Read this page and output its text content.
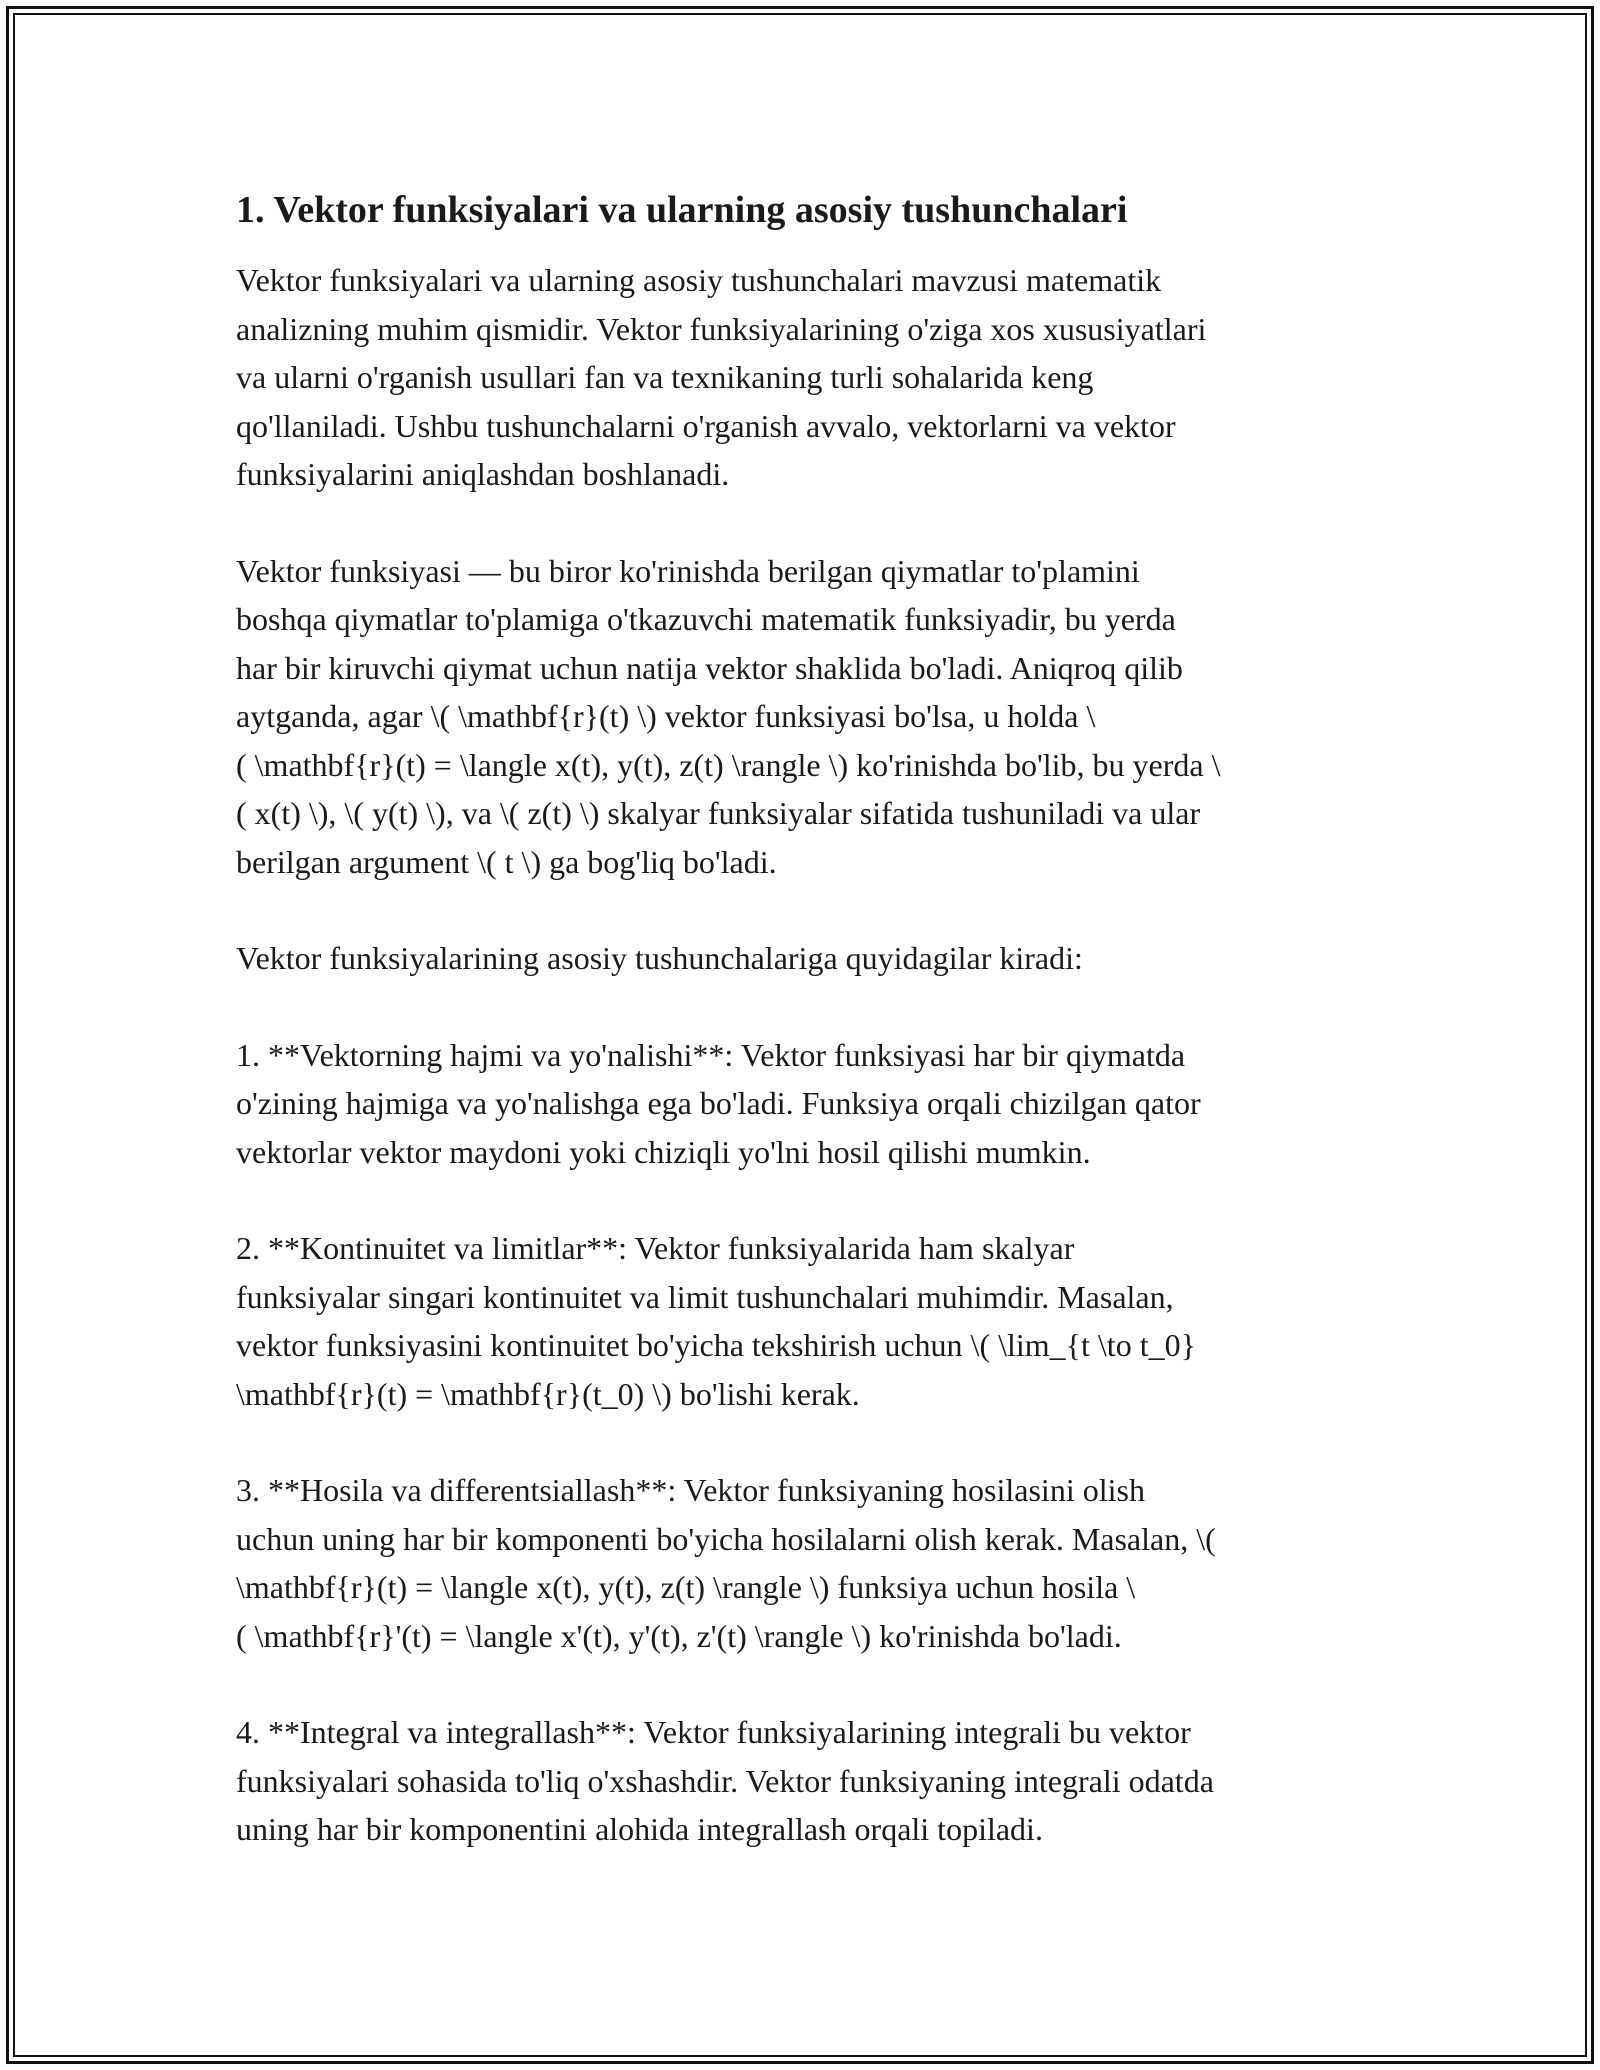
1. Vektor funksiyalari va ularning asosiy tushunchalari

Vektor funksiyalari va ularning asosiy tushunchalari mavzusi matematik
analizning muhim qismidir. Vektor funksiyalarining o'ziga xos xususiyatlari
va ularni o'rganish usullari fan va texnikaning turli sohalarida keng
qo'llaniladi. Ushbu tushunchalarni o'rganish avvalo, vektorlarni va vektor
funksiyalarini aniqlashdan boshlanadi.

Vektor funksiyasi — bu biror ko'rinishda berilgan qiymatlar to'plamini
boshqa qiymatlar to'plamiga o'tkazuvchi matematik funksiyadir, bu yerda
har bir kiruvchi qiymat uchun natija vektor shaklida bo'ladi. Aniqroq qilib
aytganda, agar \( \mathbf{r}(t) \) vektor funksiyasi bo'lsa, u holda \
( \mathbf{r}(t) = \langle x(t), y(t), z(t) \rangle \) ko'rinishda bo'lib, bu yerda \
( x(t) \), \( y(t) \), va \( z(t) \) skalyar funksiyalar sifatida tushuniladi va ular
berilgan argument \( t \) ga bog'liq bo'ladi.

Vektor funksiyalarining asosiy tushunchalariga quyidagilar kiradi:

1. **Vektorning hajmi va yo'nalishi**: Vektor funksiyasi har bir qiymatda
o'zining hajmiga va yo'nalishga ega bo'ladi. Funksiya orqali chizilgan qator
vektorlar vektor maydoni yoki chiziqli yo'lni hosil qilishi mumkin.

2. **Kontinuitet va limitlar**: Vektor funksiyalarida ham skalyar
funksiyalar singari kontinuitet va limit tushunchalari muhimdir. Masalan,
vektor funksiyasini kontinuitet bo'yicha tekshirish uchun \( \lim_{t \to t_0}
\mathbf{r}(t) = \mathbf{r}(t_0) \) bo'lishi kerak.

3. **Hosila va differentsiallash**: Vektor funksiyaning hosilasini olish
uchun uning har bir komponenti bo'yicha hosilalarni olish kerak. Masalan, \(
\mathbf{r}(t) = \langle x(t), y(t), z(t) \rangle \) funksiya uchun hosila \
( \mathbf{r}'(t) = \langle x'(t), y'(t), z'(t) \rangle \) ko'rinishda bo'ladi.

4. **Integral va integrallash**: Vektor funksiyalarining integrali bu vektor
funksiyalari sohasida to'liq o'xshashdir. Vektor funksiyaning integrali odatda
uning har bir komponentini alohida integrallash orqali topiladi.
